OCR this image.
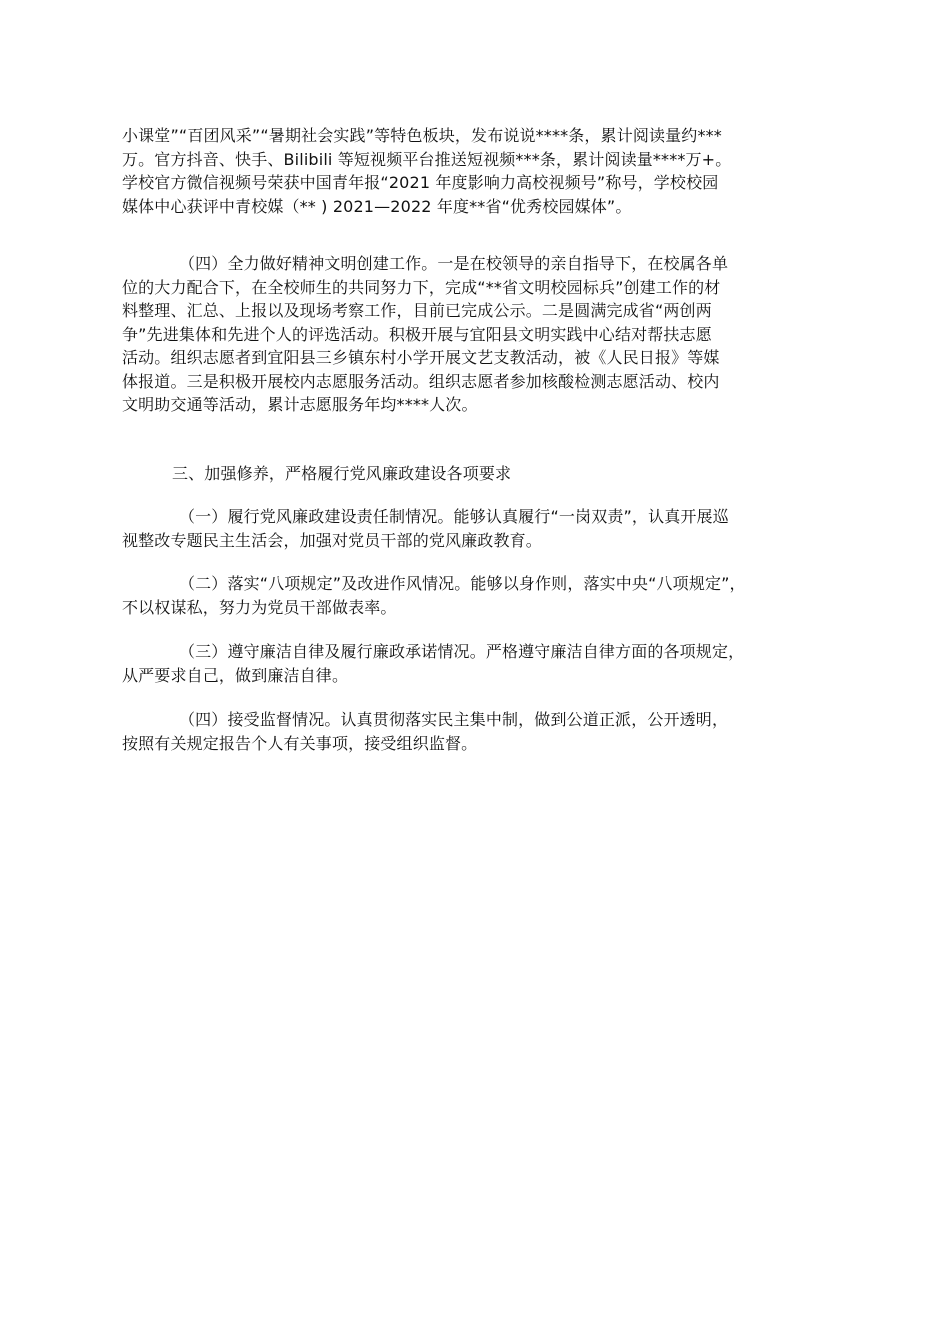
小课堂”“百团风采”“暑期社会实践”等特色板块，发布说说****条，累计阅读量约***
万。官方抖音、快手、Bilibili 等短视频平台推送短视频***条，累计阅读量****万+。
学校官方微信视频号荣获中国青年报“2021 年度影响力高校视频号”称号，学校校园
媒体中心获评中青校媒（** ) 2021—2022 年度**省“优秀校园媒体”。
（四）全力做好精神文明创建工作。一是在校领导的亲自指导下，在校属各单
位的大力配合下，在全校师生的共同努力下，完成“**省文明校园标兵”创建工作的材
料整理、汇总、上报以及现场考察工作，目前已完成公示。二是圆满完成省“两创两
争”先进集体和先进个人的评选活动。积极开展与宜阳县文明实践中心结对帮扶志愿
活动。组织志愿者到宜阳县三乡镇东村小学开展文艺支教活动，被《人民日报》等媒
体报道。三是积极开展校内志愿服务活动。组织志愿者参加核酸检测志愿活动、校内
文明助交通等活动，累计志愿服务年均****人次。
三、加强修养，严格履行党风廉政建设各项要求
（一）履行党风廉政建设责任制情况。能够认真履行“一岗双责”，认真开展巡
视整改专题民主生活会，加强对党员干部的党风廉政教育。
（二）落实“八项规定”及改进作风情况。能够以身作则，落实中央“八项规定”，
不以权谋私，努力为党员干部做表率。
（三）遵守廉洁自律及履行廉政承诺情况。严格遵守廉洁自律方面的各项规定，
从严要求自己，做到廉洁自律。
（四）接受监督情况。认真贯彻落实民主集中制，做到公道正派，公开透明，
按照有关规定报告个人有关事项，接受组织监督。
